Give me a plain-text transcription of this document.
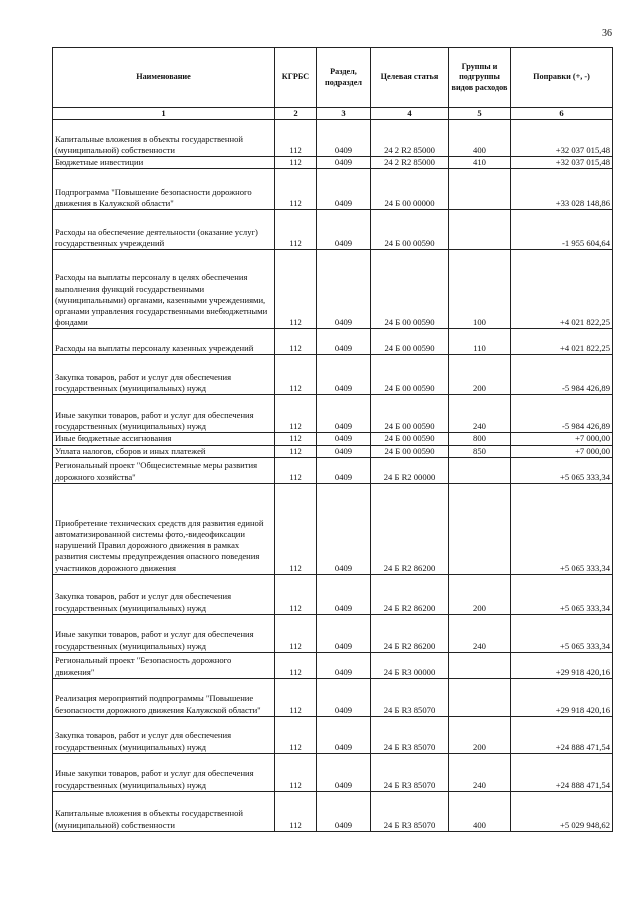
36
Наименование	КГРБС	Раздел, подраздел	Целевая статья	Группы и подгруппы видов расходов	Поправки (+, -)
1	2	3	4	5	6
Капитальные вложения в объекты государственной (муниципальной) собственности	112	0409	24 2 R2 85000	400	+32 037 015,48
Бюджетные инвестиции	112	0409	24 2 R2 85000	410	+32 037 015,48
Подпрограмма "Повышение безопасности дорожного движения в Калужской области"	112	0409	24 Б 00 00000		+33 028 148,86
Расходы на обеспечение деятельности (оказание услуг) государственных учреждений	112	0409	24 Б 00 00590		-1 955 604,64
Расходы на выплаты персоналу в целях обеспечения выполнения функций государственными (муниципальными) органами, казенными учреждениями, органами управления государственными внебюджетными фондами	112	0409	24 Б 00 00590	100	+4 021 822,25
Расходы на выплаты персоналу казенных учреждений	112	0409	24 Б 00 00590	110	+4 021 822,25
Закупка товаров, работ и услуг для обеспечения государственных (муниципальных) нужд	112	0409	24 Б 00 00590	200	-5 984 426,89
Иные закупки товаров, работ и услуг для обеспечения государственных (муниципальных) нужд	112	0409	24 Б 00 00590	240	-5 984 426,89
Иные бюджетные ассигнования	112	0409	24 Б 00 00590	800	+7 000,00
Уплата налогов, сборов и иных платежей	112	0409	24 Б 00 00590	850	+7 000,00
Региональный проект "Общесистемные меры развития дорожного хозяйства"	112	0409	24 Б R2 00000		+5 065 333,34
Приобретение технических средств для развития единой автоматизированной системы фото,-видеофиксации нарушений Правил дорожного движения в рамках развития системы предупреждения опасного поведения участников дорожного движения	112	0409	24 Б R2 86200		+5 065 333,34
Закупка товаров, работ и услуг для обеспечения государственных (муниципальных) нужд	112	0409	24 Б R2 86200	200	+5 065 333,34
Иные закупки товаров, работ и услуг для обеспечения государственных (муниципальных) нужд	112	0409	24 Б R2 86200	240	+5 065 333,34
Региональный проект "Безопасность дорожного движения"	112	0409	24 Б R3 00000		+29 918 420,16
Реализация мероприятий подпрограммы "Повышение безопасности дорожного движения Калужской области"	112	0409	24 Б R3 85070		+29 918 420,16
Закупка товаров, работ и услуг для обеспечения государственных (муниципальных) нужд	112	0409	24 Б R3 85070	200	+24 888 471,54
Иные закупки товаров, работ и услуг для обеспечения государственных (муниципальных) нужд	112	0409	24 Б R3 85070	240	+24 888 471,54
Капитальные вложения в объекты государственной (муниципальной) собственности	112	0409	24 Б R3 85070	400	+5 029 948,62
